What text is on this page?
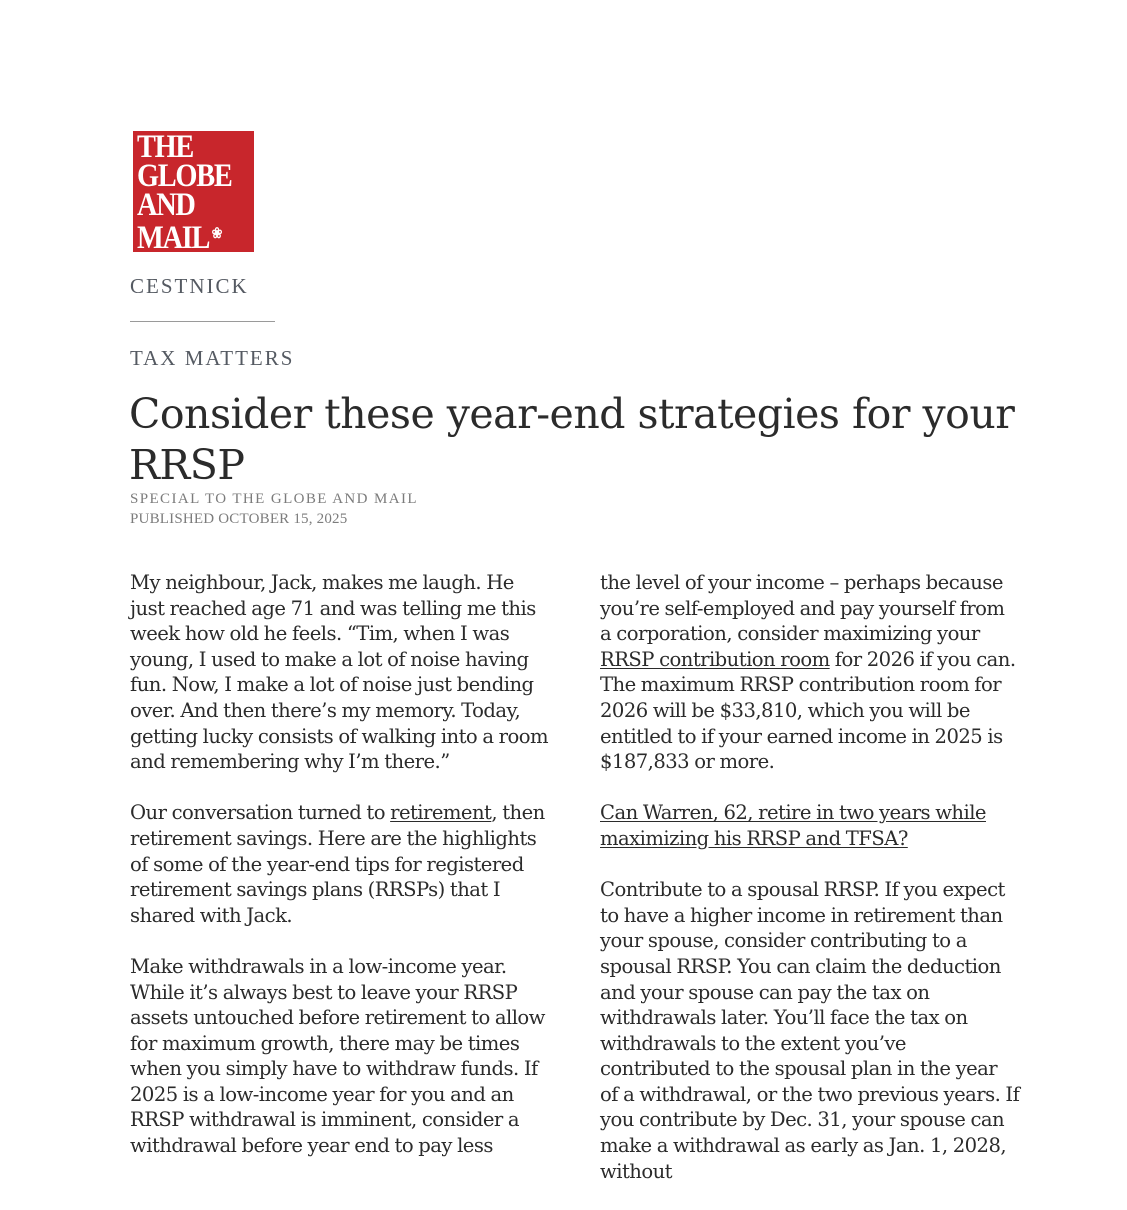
THE
GLOBE
AND
MAIL ❀
CESTNICK
TAX MATTERS
Consider these year-end strategies for your RRSP
SPECIAL TO THE GLOBE AND MAIL
PUBLISHED OCTOBER 15, 2025

My neighbour, Jack, makes me laugh. He just reached age 71 and was telling me this week how old he feels. “Tim, when I was young, I used to make a lot of noise having fun. Now, I make a lot of noise just bending over. And then there’s my memory. Today, getting lucky consists of walking into a room and remembering why I’m there.”

Our conversation turned to retirement, then retirement savings. Here are the highlights of some of the year-end tips for registered retirement savings plans (RRSPs) that I shared with Jack.

Make withdrawals in a low-income year. While it’s always best to leave your RRSP assets untouched before retirement to allow for maximum growth, there may be times when you simply have to withdraw funds. If 2025 is a low-income year for you and an RRSP withdrawal is imminent, consider a withdrawal before year end to pay less

the level of your income – perhaps because you’re self-employed and pay yourself from a corporation, consider maximizing your RRSP contribution room for 2026 if you can. The maximum RRSP contribution room for 2026 will be $33,810, which you will be entitled to if your earned income in 2025 is $187,833 or more.

Can Warren, 62, retire in two years while maximizing his RRSP and TFSA?

Contribute to a spousal RRSP. If you expect to have a higher income in retirement than your spouse, consider contributing to a spousal RRSP. You can claim the deduction and your spouse can pay the tax on withdrawals later. You’ll face the tax on withdrawals to the extent you’ve contributed to the spousal plan in the year of a withdrawal, or the two previous years. If you contribute by Dec. 31, your spouse can make a withdrawal as early as Jan. 1, 2028, without
